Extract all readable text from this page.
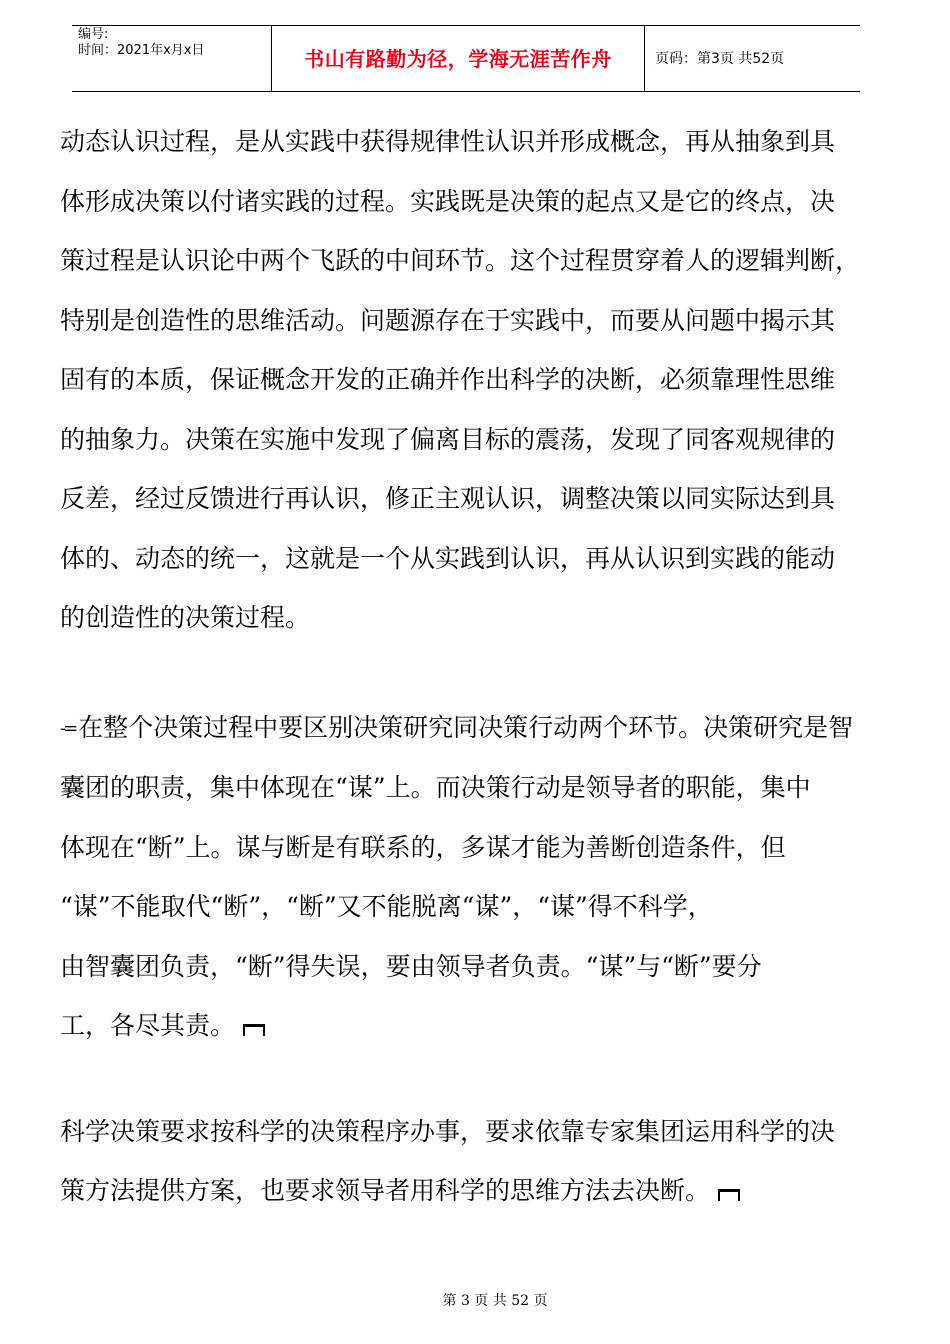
编号:
时间：2021年x月x日	书山有路勤为径，学海无涯苦作舟	页码：第3页 共52页

动态认识过程，是从实践中获得规律性认识并形成概念，再从抽象到具

体形成决策以付诸实践的过程。实践既是决策的起点又是它的终点，决

策过程是认识论中两个飞跃的中间环节。这个过程贯穿着人的逻辑判断，

特别是创造性的思维活动。问题源存在于实践中，而要从问题中揭示其

固有的本质，保证概念开发的正确并作出科学的决断，必须靠理性思维

的抽象力。决策在实施中发现了偏离目标的震荡，发现了同客观规律的

反差，经过反馈进行再认识，修正主观认识，调整决策以同实际达到具

体的、动态的统一，这就是一个从实践到认识，再从认识到实践的能动

的创造性的决策过程。

-= 在整个决策过程中要区别决策研究同决策行动两个环节。决策研究是智

囊团的职责，集中体现在“谋”上。而决策行动是领导者的职能，集中

体现在“断”上。谋与断是有联系的，多谋才能为善断创造条件，但

“谋”不能取代“断”，“断”又不能脱离“谋”，“谋”得不科学，

由智囊团负责，“断”得失误，要由领导者负责。“谋”与“断”要分

工，各尽其责。

科学决策要求按科学的决策程序办事，要求依靠专家集团运用科学的决

策方法提供方案，也要求领导者用科学的思维方法去决断。

第 3 页 共 52 页
